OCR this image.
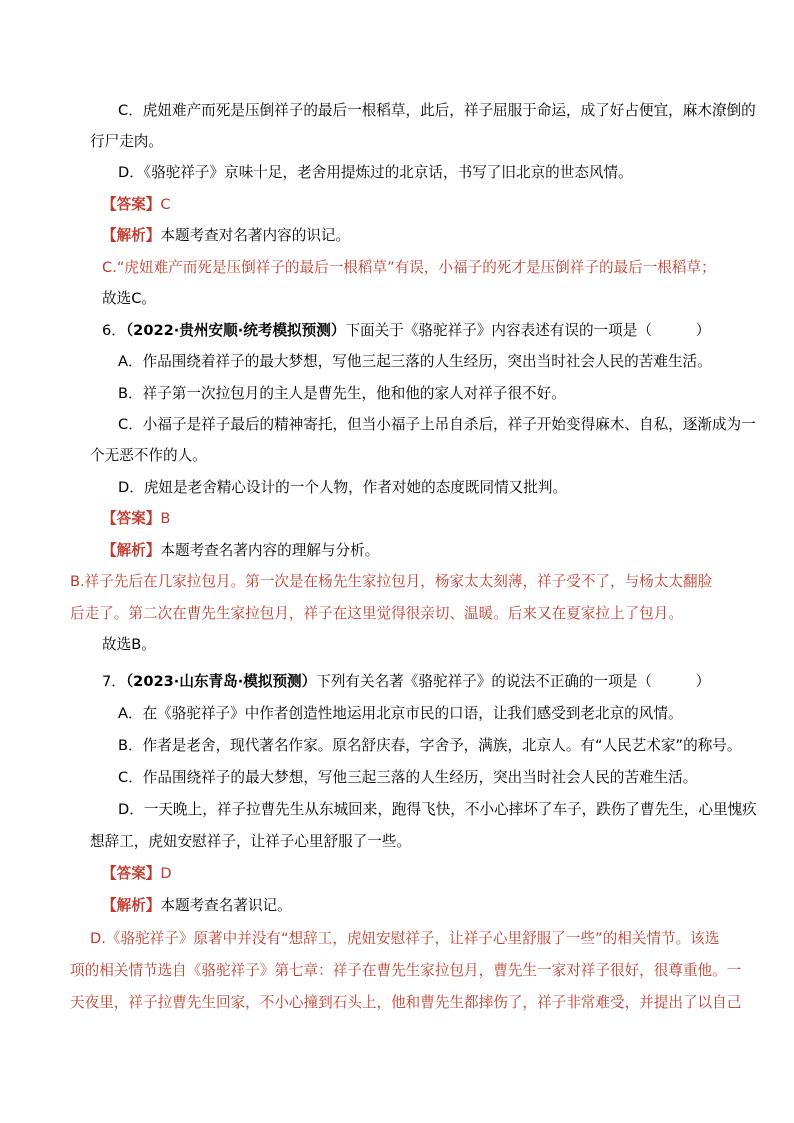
C．虎妞难产而死是压倒祥子的最后一根稻草，此后，祥子屈服于命运，成了好占便宜，麻木潦倒的

行尸走肉。

D．《骆驼祥子》京味十足，老舍用提炼过的北京话，书写了旧北京的世态风情。

【答案】C

【解析】本题考查对名著内容的识记。

C.“虎妞难产而死是压倒祥子的最后一根稻草”有误，小福子的死才是压倒祥子的最后一根稻草；

故选C。

6．（2022·贵州安顺·统考模拟预测）下面关于《骆驼祥子》内容表述有误的一项是（　　　）

A．作品围绕着祥子的最大梦想，写他三起三落的人生经历，突出当时社会人民的苦难生活。

B．祥子第一次拉包月的主人是曹先生，他和他的家人对祥子很不好。

C．小福子是祥子最后的精神寄托，但当小福子上吊自杀后，祥子开始变得麻木、自私，逐渐成为一

个无恶不作的人。

D．虎妞是老舍精心设计的一个人物，作者对她的态度既同情又批判。

【答案】B

【解析】本题考查名著内容的理解与分析。

B.祥子先后在几家拉包月。第一次是在杨先生家拉包月，杨家太太刻薄，祥子受不了，与杨太太翻脸

后走了。第二次在曹先生家拉包月，祥子在这里觉得很亲切、温暖。后来又在夏家拉上了包月。

故选B。

7．（2023·山东青岛·模拟预测）下列有关名著《骆驼祥子》的说法不正确的一项是（　　　）

A．在《骆驼祥子》中作者创造性地运用北京市民的口语，让我们感受到老北京的风情。

B．作者是老舍，现代著名作家。原名舒庆春，字舍予，满族，北京人。有“人民艺术家”的称号。

C．作品围绕祥子的最大梦想，写他三起三落的人生经历，突出当时社会人民的苦难生活。

D．一天晚上，祥子拉曹先生从东城回来，跑得飞快，不小心摔坏了车子，跌伤了曹先生，心里愧疚

想辞工，虎妞安慰祥子，让祥子心里舒服了一些。

【答案】D

【解析】本题考查名著识记。

D.《骆驼祥子》原著中并没有“想辞工，虎妞安慰祥子，让祥子心里舒服了一些”的相关情节。该选

项的相关情节选自《骆驼祥子》第七章：祥子在曹先生家拉包月，曹先生一家对祥子很好，很尊重他。一

天夜里，祥子拉曹先生回家，不小心撞到石头上，他和曹先生都摔伤了，祥子非常难受，并提出了以自己
